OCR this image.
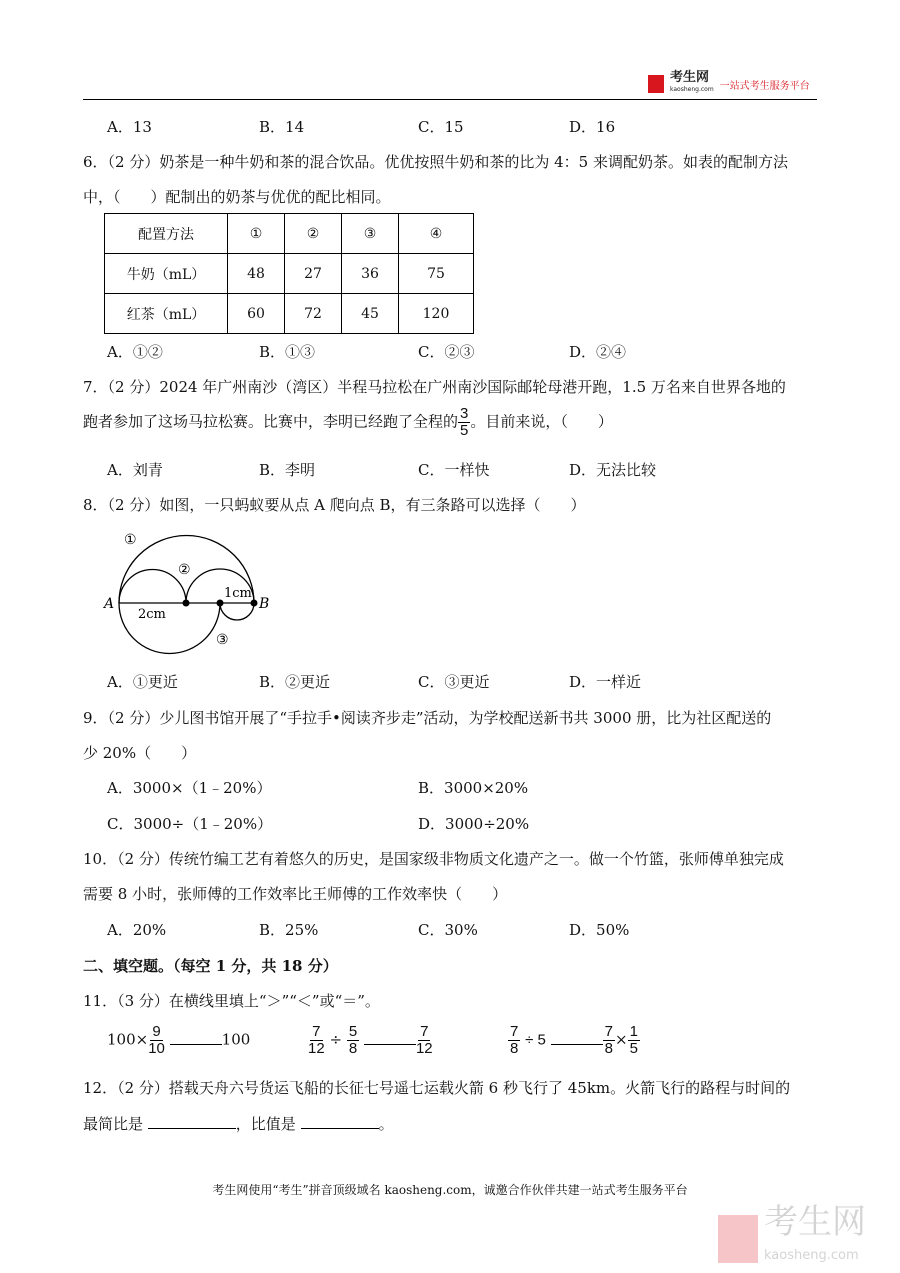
考生网
kaosheng.com 一站式考生服务平台
A．13	B．14	C．15	D．16
6．（2 分）奶茶是一种牛奶和茶的混合饮品。优优按照牛奶和茶的比为 4：5 来调配奶茶。如表的配制方法
中，（　　）配制出的奶茶与优优的配比相同。
配置方法	①	②	③	④
牛奶（mL）	48	27	36	75
红茶（mL）	60	72	45	120
A．①②	B．①③	C．②③	D．②④
7．（2 分）2024 年广州南沙（湾区）半程马拉松在广州南沙国际邮轮母港开跑，1.5 万名来自世界各地的
跑者参加了这场马拉松赛。比赛中，李明已经跑了全程的 $\frac{3}{5}$ 。目前来说，（　　）
A．刘青	B．李明	C．一样快	D．无法比较
8．（2 分）如图，一只蚂蚁要从点 A 爬向点 B，有三条路可以选择（　　）
A	B
①
②
③
2cm
1cm
A．①更近	B．②更近	C．③更近	D．一样近
9．（2 分）少儿图书馆开展了“手拉手•阅读齐步走”活动，为学校配送新书共 3000 册，比为社区配送的
少 20%（　　）
A．3000×（1﹣20%）	B．3000×20%
C．3000÷（1﹣20%）	D．3000÷20%
10．（2 分）传统竹编工艺有着悠久的历史，是国家级非物质文化遗产之一。做一个竹篮，张师傅单独完成
需要 8 小时，张师傅的工作效率比王师傅的工作效率快（　　）
A．20%	B．25%	C．30%	D．50%
二、填空题。（每空 1 分，共 18 分）
11．（3 分）在横线里填上“＞”“＜”或“＝”。
$100\times \frac{9}{10}$	100	$\frac{7}{12} \div \frac{5}{8}$
	$\frac{7}{12}$	$\frac{7}{8} \div 5$	$\frac{7}{8} \times \frac{1}{5}$
12．（2 分）搭载天舟六号货运飞船的长征七号遥七运载火箭 6 秒飞行了 45km。火箭飞行的路程与时间的
最简比是	，比值是	。
考生网使用“考生”拼音顶级域名 kaosheng.com，诚邀合作伙伴共建一站式考生服务平台
考生网
kaosheng.com
